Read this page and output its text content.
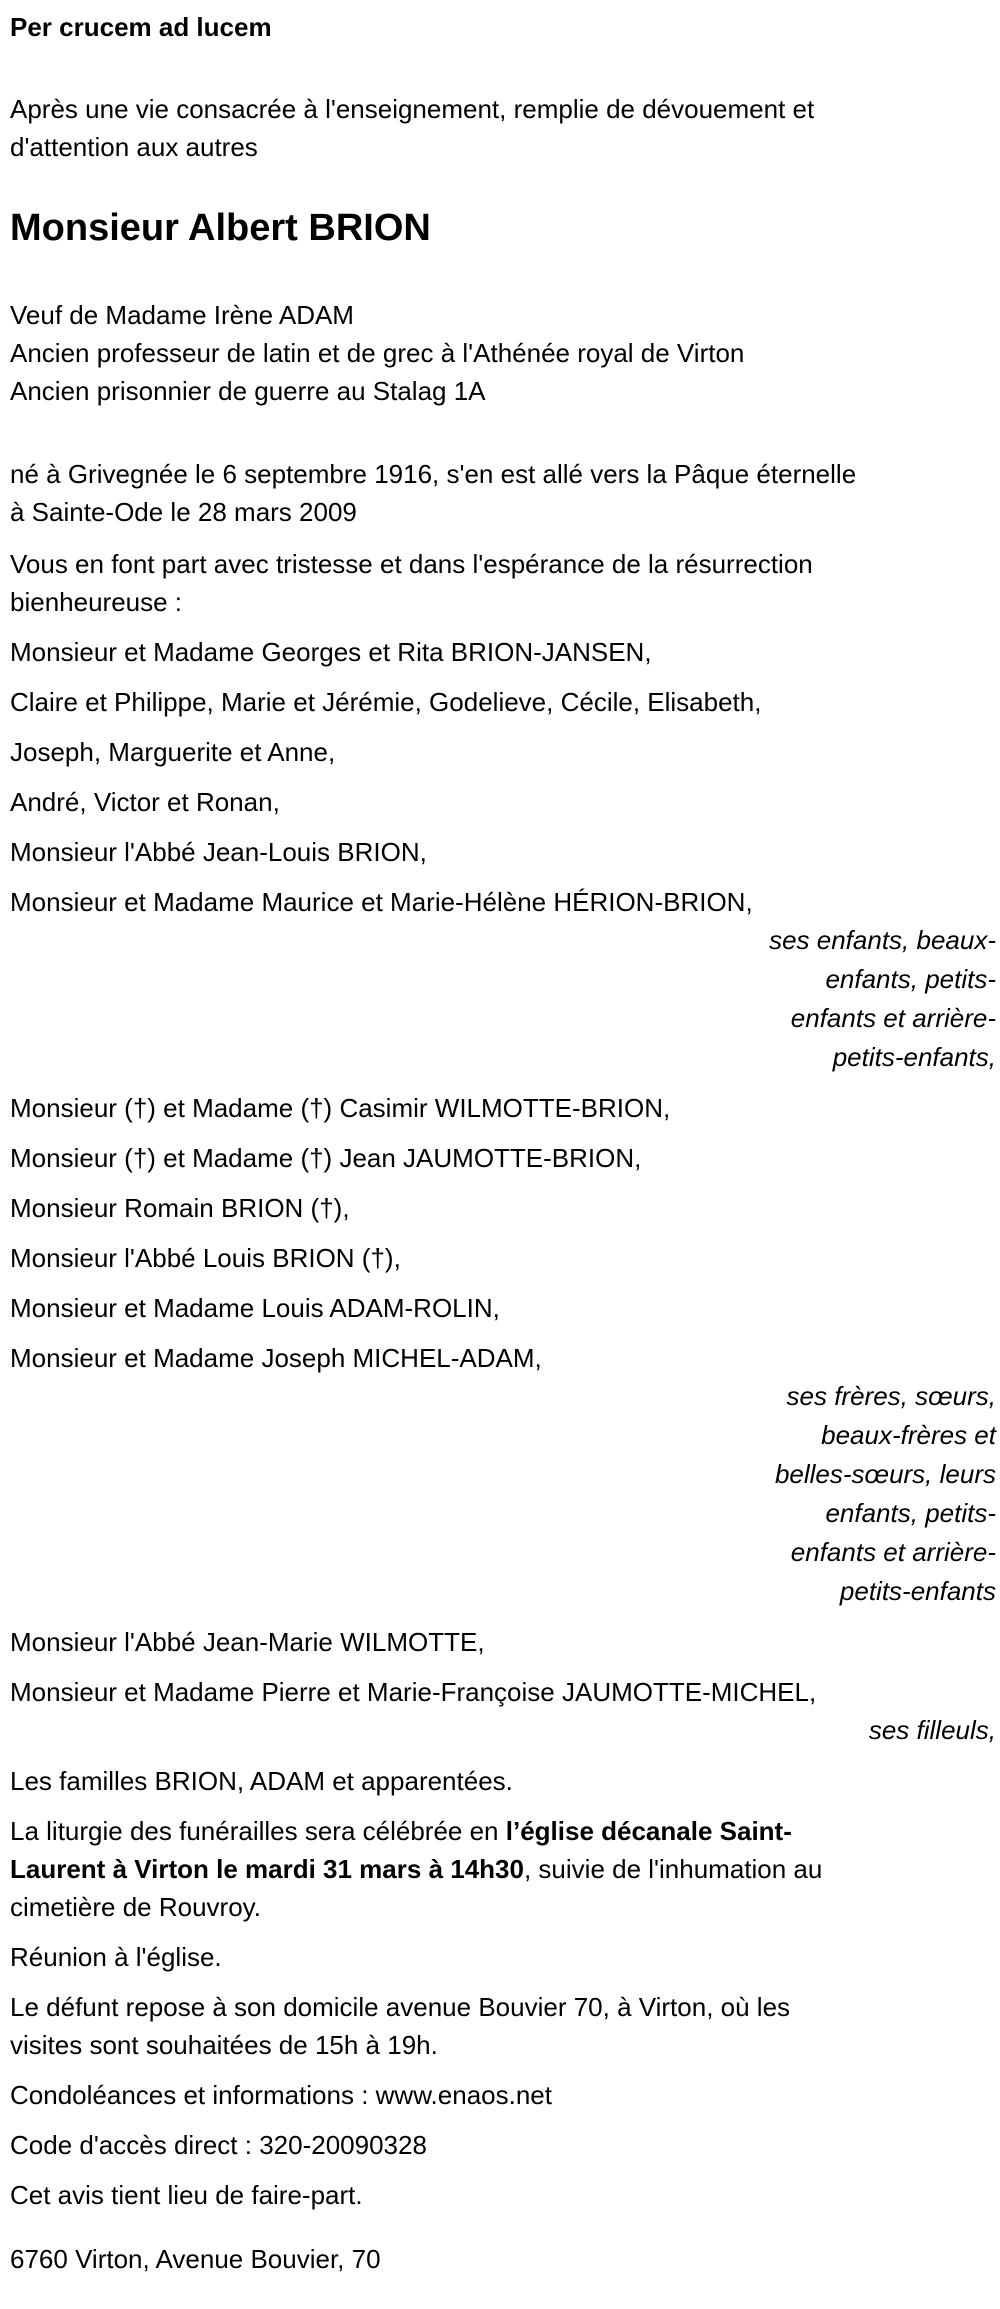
Per crucem ad lucem
Après une vie consacrée à l'enseignement, remplie de dévouement et
d'attention aux autres
Monsieur Albert BRION
Veuf de Madame Irène ADAM
Ancien professeur de latin et de grec à l'Athénée royal de Virton
Ancien prisonnier de guerre au Stalag 1A
né à Grivegnée le 6 septembre 1916, s'en est allé vers la Pâque éternelle
à Sainte-Ode le 28 mars 2009
Vous en font part avec tristesse et dans l'espérance de la résurrection
bienheureuse :
Monsieur et Madame Georges et Rita BRION-JANSEN,
Claire et Philippe, Marie et Jérémie, Godelieve, Cécile, Elisabeth,
Joseph, Marguerite et Anne,
André, Victor et Ronan,
Monsieur l'Abbé Jean-Louis BRION,
Monsieur et Madame Maurice et Marie-Hélène HÉRION-BRION,
ses enfants, beaux-
enfants, petits-
enfants et arrière-
petits-enfants,
Monsieur (†) et Madame (†) Casimir WILMOTTE-BRION,
Monsieur (†) et Madame (†) Jean JAUMOTTE-BRION,
Monsieur Romain BRION (†),
Monsieur l'Abbé Louis BRION (†),
Monsieur et Madame Louis ADAM-ROLIN,
Monsieur et Madame Joseph MICHEL-ADAM,
ses frères, sœurs,
beaux-frères et
belles-sœurs, leurs
enfants, petits-
enfants et arrière-
petits-enfants
Monsieur l'Abbé Jean-Marie WILMOTTE,
Monsieur et Madame Pierre et Marie-Françoise JAUMOTTE-MICHEL,
ses filleuls,
Les familles BRION, ADAM et apparentées.
La liturgie des funérailles sera célébrée en l’église décanale Saint-
Laurent à Virton le mardi 31 mars à 14h30, suivie de l'inhumation au
cimetière de Rouvroy.
Réunion à l'église.
Le défunt repose à son domicile avenue Bouvier 70, à Virton, où les
visites sont souhaitées de 15h à 19h.
Condoléances et informations : www.enaos.net
Code d'accès direct : 320-20090328
Cet avis tient lieu de faire-part.
6760 Virton, Avenue Bouvier, 70
